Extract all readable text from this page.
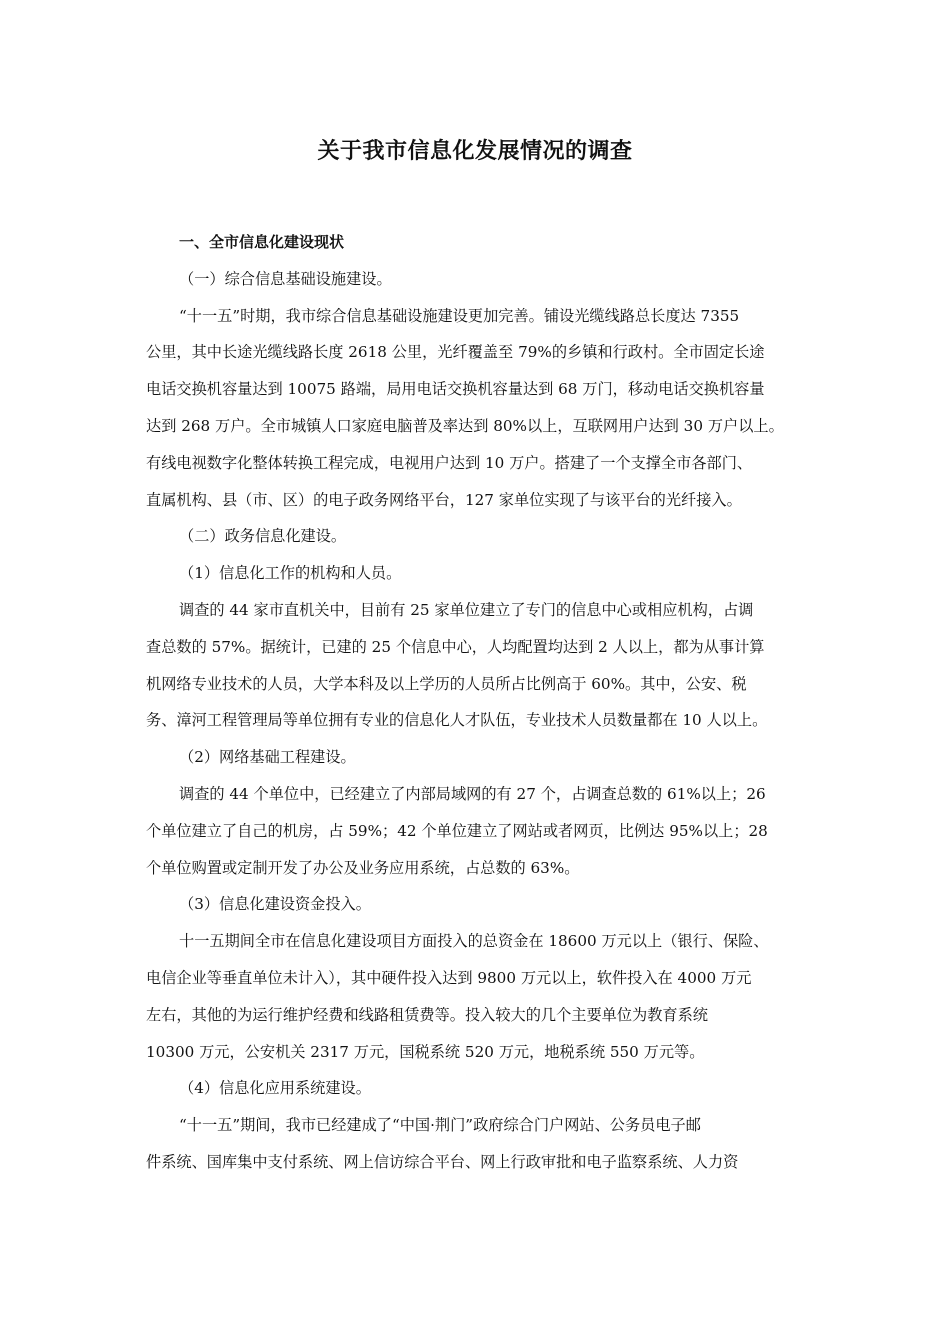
关于我市信息化发展情况的调查
一、全市信息化建设现状
（一）综合信息基础设施建设。
“十一五”时期，我市综合信息基础设施建设更加完善。铺设光缆线路总长度达 7355
公里，其中长途光缆线路长度 2618 公里，光纤覆盖至 79%的乡镇和行政村。全市固定长途
电话交换机容量达到 10075 路端，局用电话交换机容量达到 68 万门，移动电话交换机容量
达到 268 万户。全市城镇人口家庭电脑普及率达到 80%以上，互联网用户达到 30 万户以上。
有线电视数字化整体转换工程完成，电视用户达到 10 万户。搭建了一个支撑全市各部门、
直属机构、县（市、区）的电子政务网络平台，127 家单位实现了与该平台的光纤接入。
（二）政务信息化建设。
（1）信息化工作的机构和人员。
调查的 44 家市直机关中，目前有 25 家单位建立了专门的信息中心或相应机构，占调
查总数的 57%。据统计，已建的 25 个信息中心，人均配置均达到 2 人以上，都为从事计算
机网络专业技术的人员，大学本科及以上学历的人员所占比例高于 60%。其中，公安、税
务、漳河工程管理局等单位拥有专业的信息化人才队伍，专业技术人员数量都在 10 人以上。
（2）网络基础工程建设。
调查的 44 个单位中，已经建立了内部局域网的有 27 个，占调查总数的 61%以上；26
个单位建立了自己的机房，占 59%；42 个单位建立了网站或者网页，比例达 95%以上；28
个单位购置或定制开发了办公及业务应用系统，占总数的 63%。
（3）信息化建设资金投入。
十一五期间全市在信息化建设项目方面投入的总资金在 18600 万元以上（银行、保险、
电信企业等垂直单位未计入），其中硬件投入达到 9800 万元以上，软件投入在 4000 万元
左右，其他的为运行维护经费和线路租赁费等。投入较大的几个主要单位为教育系统
10300 万元，公安机关 2317 万元，国税系统 520 万元，地税系统 550 万元等。
（4）信息化应用系统建设。
“十一五”期间，我市已经建成了“中国·荆门”政府综合门户网站、公务员电子邮
件系统、国库集中支付系统、网上信访综合平台、网上行政审批和电子监察系统、人力资
